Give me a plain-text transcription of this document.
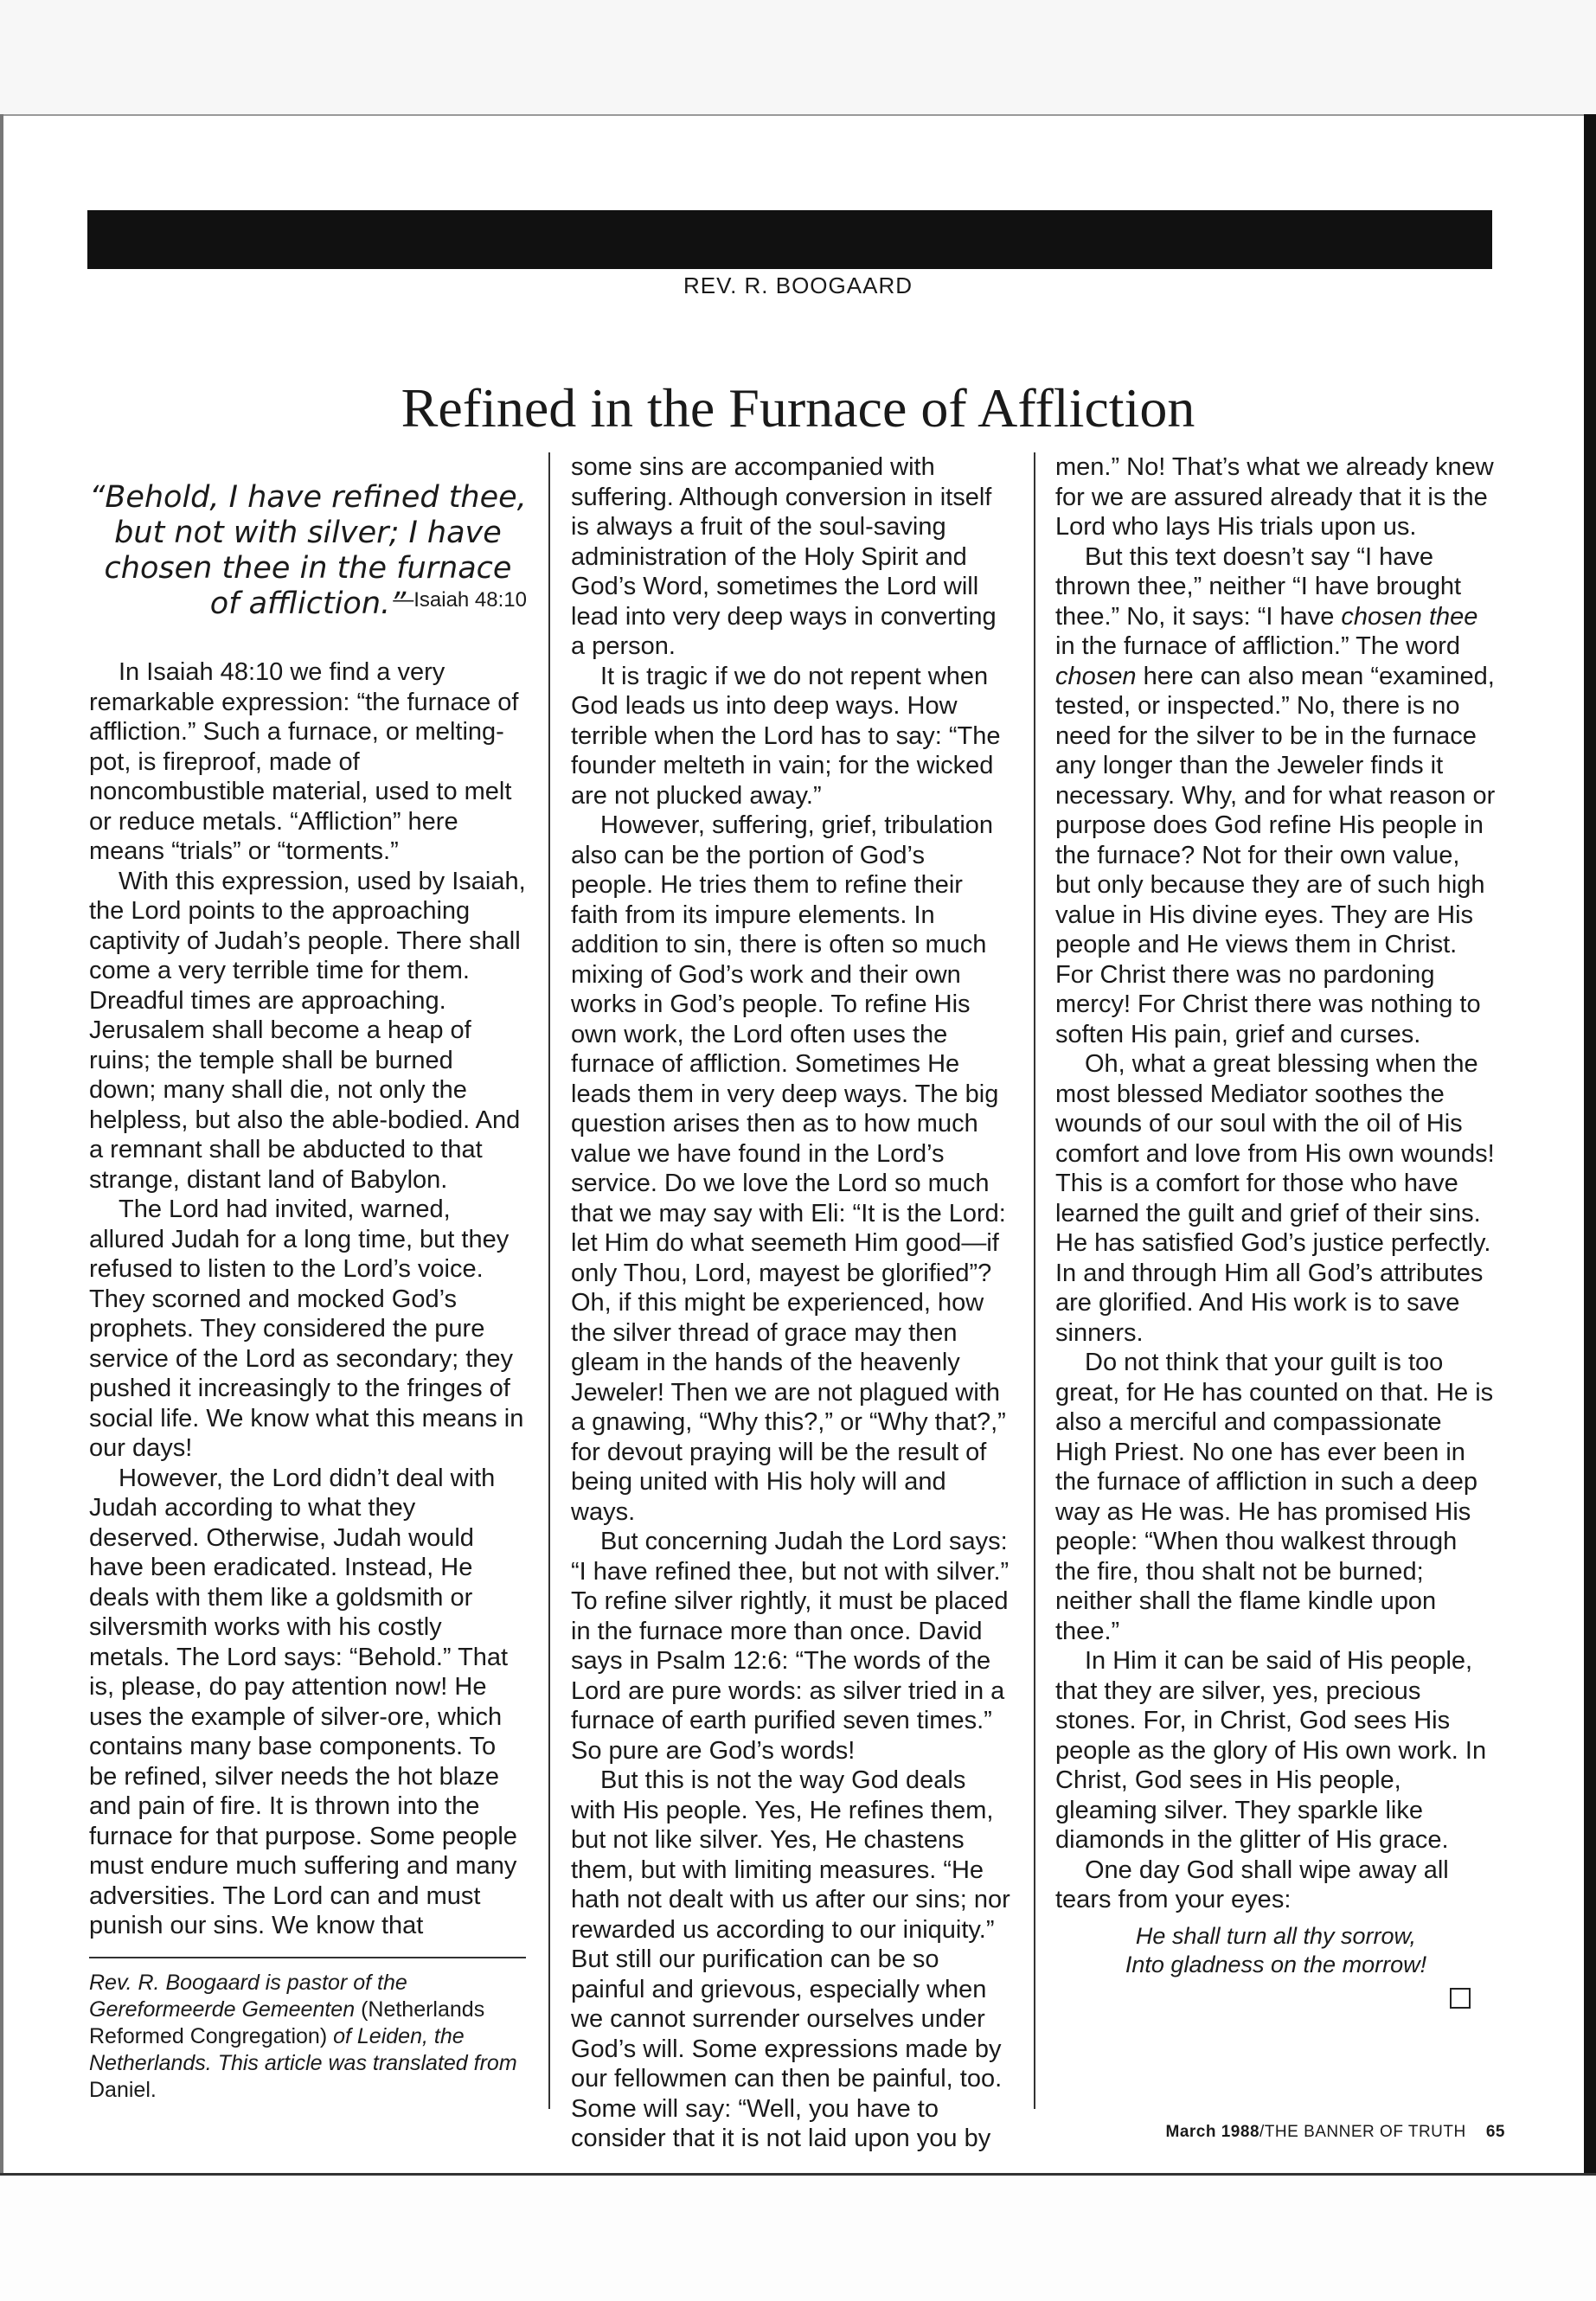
REV. R. BOOGAARD
Refined in the Furnace of Affliction
“Behold, I have refined thee, but not with silver; I have chosen thee in the furnace of affliction.”
—Isaiah 48:10

In Isaiah 48:10 we find a very remarkable expression: “the furnace of affliction.” Such a furnace, or melting-pot, is fireproof, made of noncombustible material, used to melt or reduce metals. “Affliction” here means “trials” or “torments.”

With this expression, used by Isaiah, the Lord points to the approaching captivity of Judah’s people. There shall come a very terrible time for them. Dreadful times are approaching. Jerusalem shall become a heap of ruins; the temple shall be burned down; many shall die, not only the helpless, but also the able-bodied. And a remnant shall be abducted to that strange, distant land of Babylon.

The Lord had invited, warned, allured Judah for a long time, but they refused to listen to the Lord’s voice. They scorned and mocked God’s prophets. They considered the pure service of the Lord as secondary; they pushed it increasingly to the fringes of social life. We know what this means in our days!

However, the Lord didn’t deal with Judah according to what they deserved. Otherwise, Judah would have been eradicated. Instead, He deals with them like a goldsmith or silversmith works with his costly metals. The Lord says: “Behold.” That is, please, do pay attention now! He uses the example of silver-ore, which contains many base components. To be refined, silver needs the hot blaze and pain of fire. It is thrown into the furnace for that purpose. Some people must endure much suffering and many adversities. The Lord can and must punish our sins. We know that

Rev. R. Boogaard is pastor of the Gereformeerde Gemeenten (Netherlands Reformed Congregation) of Leiden, the Netherlands. This article was translated from Daniel.

some sins are accompanied with suffering. Although conversion in itself is always a fruit of the soul-saving administration of the Holy Spirit and God’s Word, sometimes the Lord will lead into very deep ways in converting a person.

It is tragic if we do not repent when God leads us into deep ways. How terrible when the Lord has to say: “The founder melteth in vain; for the wicked are not plucked away.”

However, suffering, grief, tribulation also can be the portion of God’s people. He tries them to refine their faith from its impure elements. In addition to sin, there is often so much mixing of God’s work and their own works in God’s people. To refine His own work, the Lord often uses the furnace of affliction. Sometimes He leads them in very deep ways. The big question arises then as to how much value we have found in the Lord’s service. Do we love the Lord so much that we may say with Eli: “It is the Lord: let Him do what seemeth Him good—if only Thou, Lord, mayest be glorified”? Oh, if this might be experienced, how the silver thread of grace may then gleam in the hands of the heavenly Jeweler! Then we are not plagued with a gnawing, “Why this?,” or “Why that?,” for devout praying will be the result of being united with His holy will and ways.

But concerning Judah the Lord says: “I have refined thee, but not with silver.” To refine silver rightly, it must be placed in the furnace more than once. David says in Psalm 12:6: “The words of the Lord are pure words: as silver tried in a furnace of earth purified seven times.” So pure are God’s words!

But this is not the way God deals with His people. Yes, He refines them, but not like silver. Yes, He chastens them, but with limiting measures. “He hath not dealt with us after our sins; nor rewarded us according to our iniquity.” But still our purification can be so painful and grievous, especially when we cannot surrender ourselves under God’s will. Some expressions made by our fellowmen can then be painful, too. Some will say: “Well, you have to consider that it is not laid upon you by

men.” No! That’s what we already knew for we are assured already that it is the Lord who lays His trials upon us.

But this text doesn’t say “I have thrown thee,” neither “I have brought thee.” No, it says: “I have chosen thee in the furnace of affliction.” The word chosen here can also mean “examined, tested, or inspected.” No, there is no need for the silver to be in the furnace any longer than the Jeweler finds it necessary. Why, and for what reason or purpose does God refine His people in the furnace? Not for their own value, but only because they are of such high value in His divine eyes. They are His people and He views them in Christ. For Christ there was no pardoning mercy! For Christ there was nothing to soften His pain, grief and curses.

Oh, what a great blessing when the most blessed Mediator soothes the wounds of our soul with the oil of His comfort and love from His own wounds! This is a comfort for those who have learned the guilt and grief of their sins. He has satisfied God’s justice perfectly. In and through Him all God’s attributes are glorified. And His work is to save sinners.

Do not think that your guilt is too great, for He has counted on that. He is also a merciful and compassionate High Priest. No one has ever been in the furnace of affliction in such a deep way as He was. He has promised His people: “When thou walkest through the fire, thou shalt not be burned; neither shall the flame kindle upon thee.”

In Him it can be said of His people, that they are silver, yes, precious stones. For, in Christ, God sees His people as the glory of His own work. In Christ, God sees in His people, gleaming silver. They sparkle like diamonds in the glitter of His grace.

One day God shall wipe away all tears from your eyes:

He shall turn all thy sorrow,
Into gladness on the morrow!
March 1988/THE BANNER OF TRUTH 65
